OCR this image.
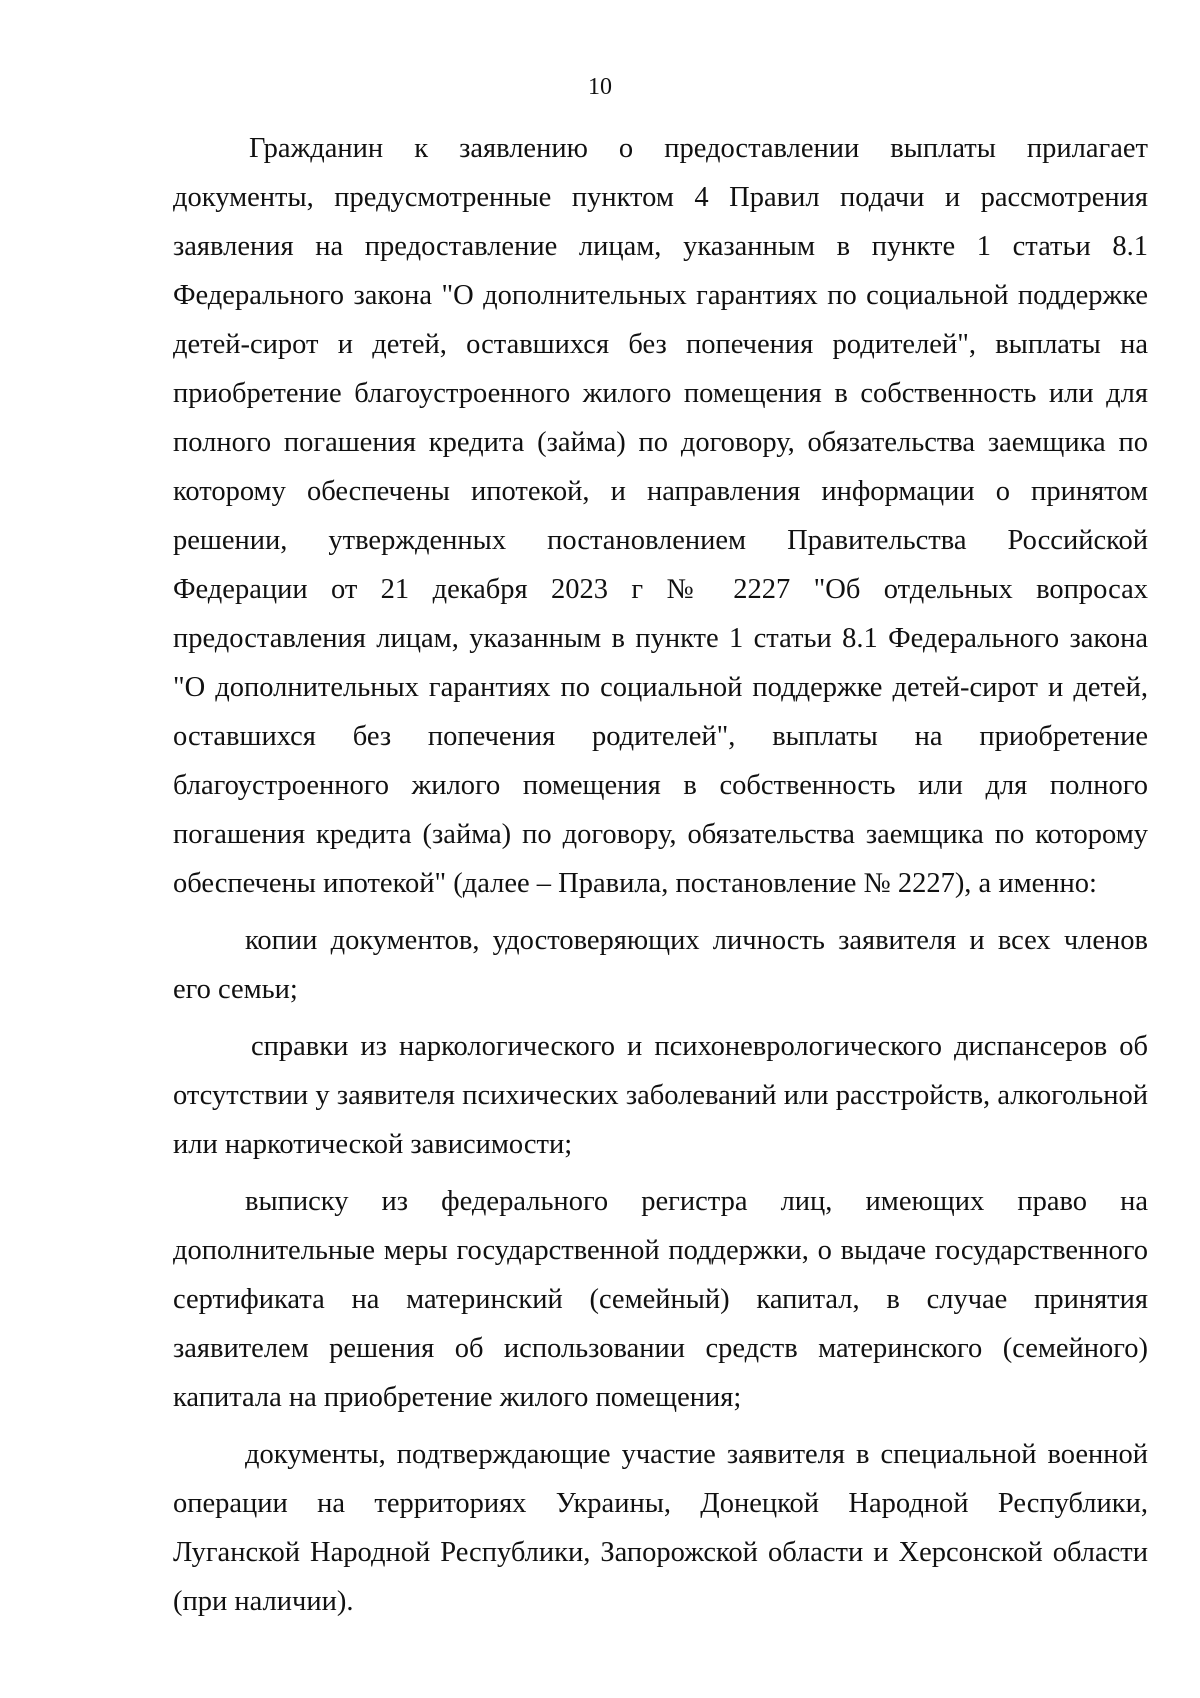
10

Гражданин к заявлению о предоставлении выплаты прилагает документы, предусмотренные пунктом 4 Правил подачи и рассмотрения заявления на предоставление лицам, указанным в пункте 1 статьи 8.1 Федерального закона "О дополнительных гарантиях по социальной поддержке детей-сирот и детей, оставшихся без попечения родителей", выплаты на приобретение благоустроенного жилого помещения в собственность или для полного погашения кредита (займа) по договору, обязательства заемщика по которому обеспечены ипотекой, и направления информации о принятом решении, утвержденных постановлением Правительства Российской Федерации от 21 декабря 2023 г № 2227 "Об отдельных вопросах предоставления лицам, указанным в пункте 1 статьи 8.1 Федерального закона "О дополнительных гарантиях по социальной поддержке детей-сирот и детей, оставшихся без попечения родителей", выплаты на приобретение благоустроенного жилого помещения в собственность или для полного погашения кредита (займа) по договору, обязательства заемщика по которому обеспечены ипотекой" (далее – Правила, постановление № 2227), а именно:

копии документов, удостоверяющих личность заявителя и всех членов его семьи;

справки из наркологического и психоневрологического диспансеров об отсутствии у заявителя психических заболеваний или расстройств, алкогольной или наркотической зависимости;

выписку из федерального регистра лиц, имеющих право на дополнительные меры государственной поддержки, о выдаче государственного сертификата на материнский (семейный) капитал, в случае принятия заявителем решения об использовании средств материнского (семейного) капитала на приобретение жилого помещения;

документы, подтверждающие участие заявителя в специальной военной операции на территориях Украины, Донецкой Народной Республики, Луганской Народной Республики, Запорожской области и Херсонской области (при наличии).
